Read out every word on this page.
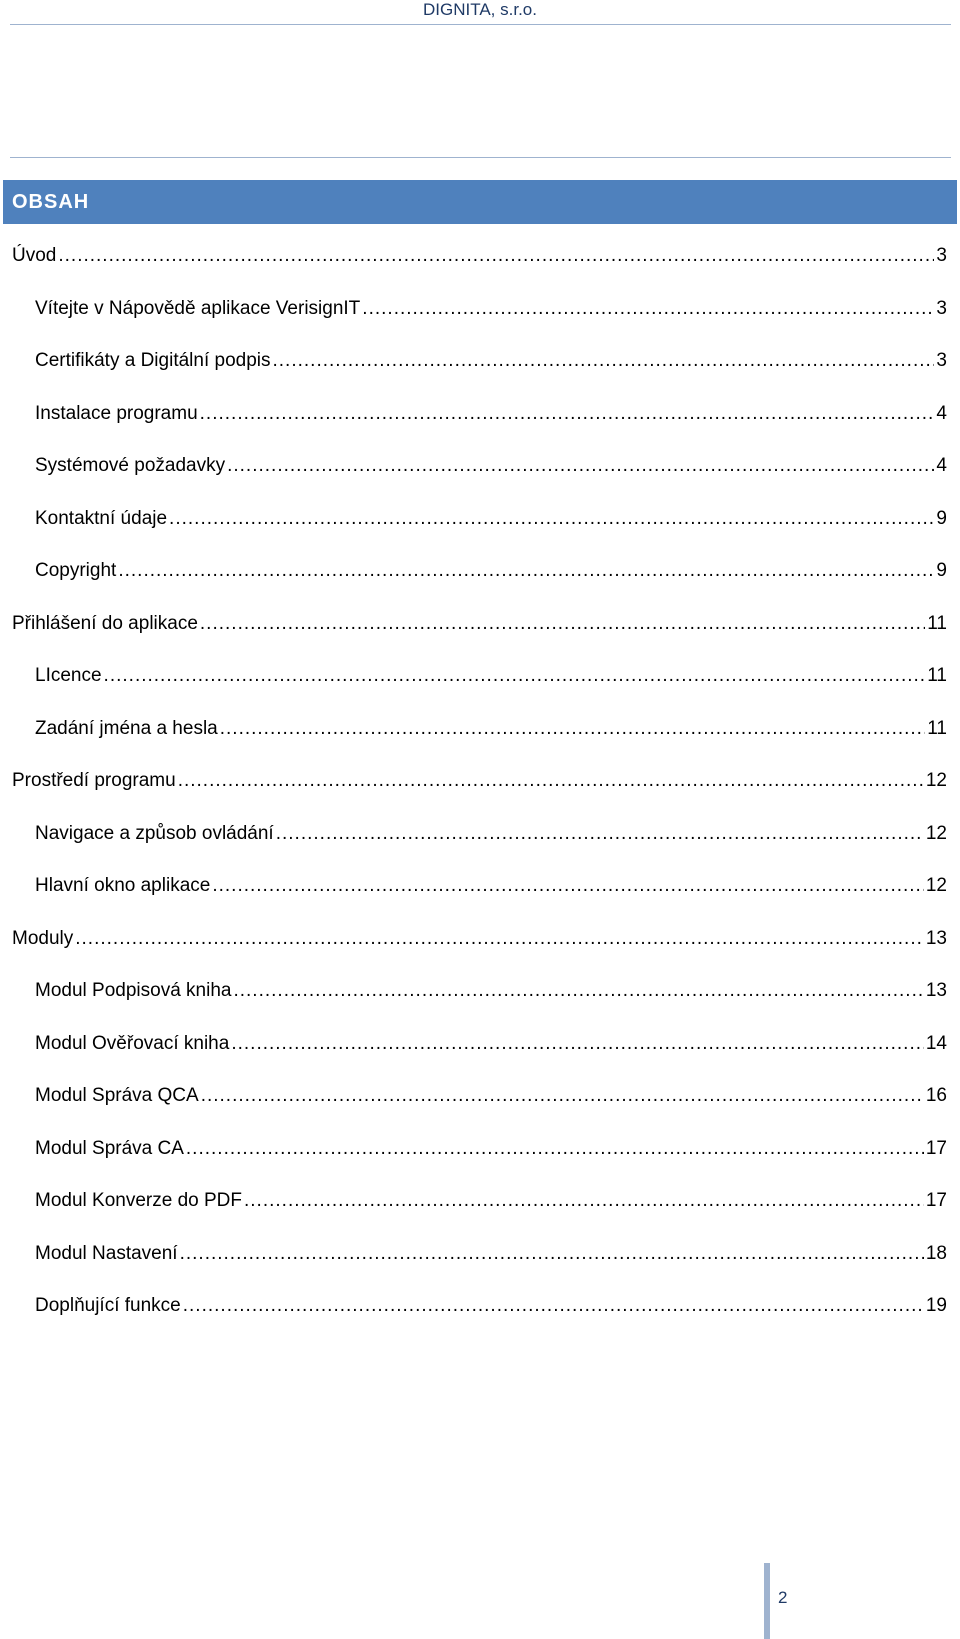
DIGNITA, s.r.o.
OBSAH
Úvod .....	3
Vítejte v Nápovědě aplikace VerisignIT .....	3
Certifikáty a Digitální podpis .....	3
Instalace programu .....	4
Systémové požadavky .....	4
Kontaktní údaje .....	9
Copyright .....	9
Přihlášení do aplikace .....	11
LIcence .....	11
Zadání jména a hesla .....	11
Prostředí programu .....	12
Navigace a způsob ovládání .....	12
Hlavní okno aplikace .....	12
Moduly .....	13
Modul Podpisová kniha .....	13
Modul Ověřovací kniha .....	14
Modul Správa QCA .....	16
Modul Správa CA .....	17
Modul Konverze do PDF .....	17
Modul Nastavení .....	18
Doplňující funkce .....	19
2
